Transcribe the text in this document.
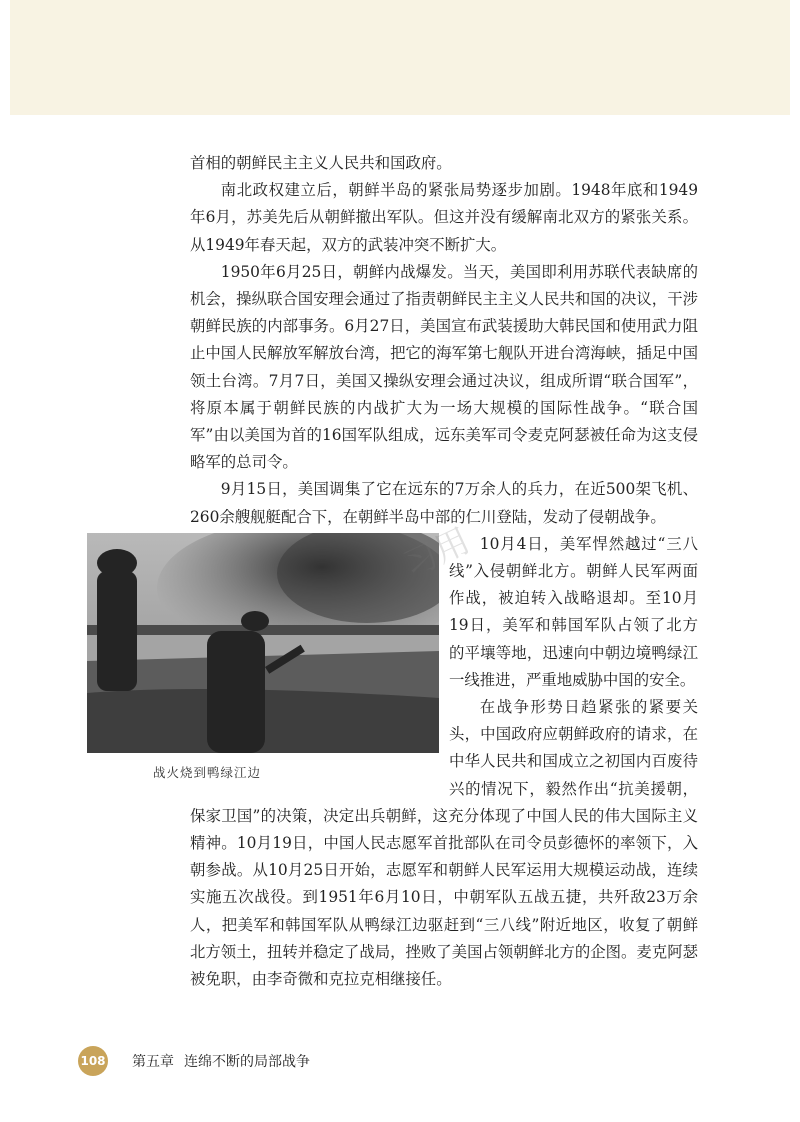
首相的朝鲜民主主义人民共和国政府。

南北政权建立后，朝鲜半岛的紧张局势逐步加剧。1948年底和1949年6月，苏美先后从朝鲜撤出军队。但这并没有缓解南北双方的紧张关系。从1949年春天起，双方的武装冲突不断扩大。

1950年6月25日，朝鲜内战爆发。当天，美国即利用苏联代表缺席的机会，操纵联合国安理会通过了指责朝鲜民主主义人民共和国的决议，干涉朝鲜民族的内部事务。6月27日，美国宣布武装援助大韩民国和使用武力阻止中国人民解放军解放台湾，把它的海军第七舰队开进台湾海峡，插足中国领土台湾。7月7日，美国又操纵安理会通过决议，组成所谓“联合国军”，将原本属于朝鲜民族的内战扩大为一场大规模的国际性战争。“联合国军”由以美国为首的16国军队组成，远东美军司令麦克阿瑟被任命为这支侵略军的总司令。

9月15日，美国调集了它在远东的7万余人的兵力，在近500架飞机、260余艘舰艇配合下，在朝鲜半岛中部的仁川登陆，发动了侵朝战争。

战火烧到鸭绿江边

10月4日，美军悍然越过“三八线”入侵朝鲜北方。朝鲜人民军两面作战，被迫转入战略退却。至10月19日，美军和韩国军队占领了北方的平壤等地，迅速向中朝边境鸭绿江一线推进，严重地威胁中国的安全。

在战争形势日趋紧张的紧要关头，中国政府应朝鲜政府的请求，在中华人民共和国成立之初国内百废待兴的情况下，毅然作出“抗美援朝，保家卫国”的决策，决定出兵朝鲜，这充分体现了中国人民的伟大国际主义精神。10月19日，中国人民志愿军首批部队在司令员彭德怀的率领下，入朝参战。从10月25日开始，志愿军和朝鲜人民军运用大规模运动战，连续实施五次战役。到1951年6月10日，中朝军队五战五捷，共歼敌23万余人，把美军和韩国军队从鸭绿江边驱赶到“三八线”附近地区，收复了朝鲜北方领土，扭转并稳定了战局，挫败了美国占领朝鲜北方的企图。麦克阿瑟被免职，由李奇微和克拉克相继接任。

习用
108 第五章 连绵不断的局部战争
